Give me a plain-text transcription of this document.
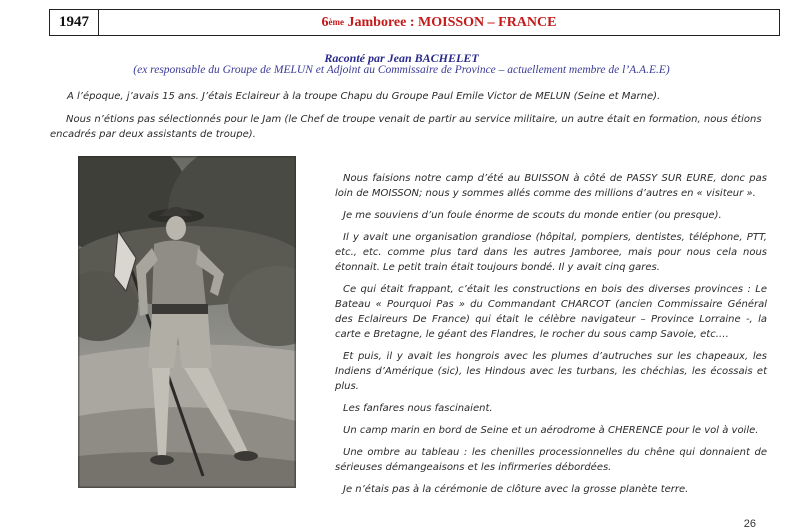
1947	6ème Jamboree : MOISSON – FRANCE
Raconté par Jean BACHELET
(ex responsable du Groupe de MELUN et Adjoint au Commissaire de Province – actuellement membre de l’A.A.E.E)
A l’époque, j’avais 15 ans. J’étais Eclaireur à la troupe Chapu du Groupe Paul Emile Victor de MELUN (Seine et Marne).
Nous n’étions pas sélectionnés pour le Jam (le Chef de troupe venait de partir au service militaire, un autre était en formation, nous étions encadrés par deux assistants de troupe).

Nous faisions notre camp d’été au BUISSON à côté de PASSY SUR EURE, donc pas loin de MOISSON; nous y sommes allés comme des millions d’autres en « visiteur ».

Je me souviens d’un foule énorme de scouts du monde entier (ou presque).

Il y avait une organisation grandiose (hôpital, pompiers, dentistes, téléphone, PTT, etc., etc. comme plus tard dans les autres Jamboree, mais pour nous cela nous étonnait. Le petit train était toujours bondé. Il y avait cinq gares.

Ce qui était frappant, c’était les constructions en bois des diverses provinces : Le Bateau « Pourquoi Pas » du Commandant CHARCOT (ancien Commissaire Général des Eclaireurs De France) qui était le célèbre navigateur – Province Lorraine -, la carte e Bretagne, le géant des Flandres, le rocher du sous camp Savoie, etc.…

Et puis, il y avait les hongrois avec les plumes d’autruches sur les chapeaux, les Indiens d’Amérique (sic), les Hindous avec les turbans, les chéchias, les écossais et plus.

Les fanfares nous fascinaient.

Un camp marin en bord de Seine et un aérodrome à CHERENCE pour le vol à voile.

Une ombre au tableau : les chenilles processionnelles du chêne qui donnaient de sérieuses démangeaisons et les infirmeries débordées.

Je n’étais pas à la cérémonie de clôture avec la grosse planète terre.

26
